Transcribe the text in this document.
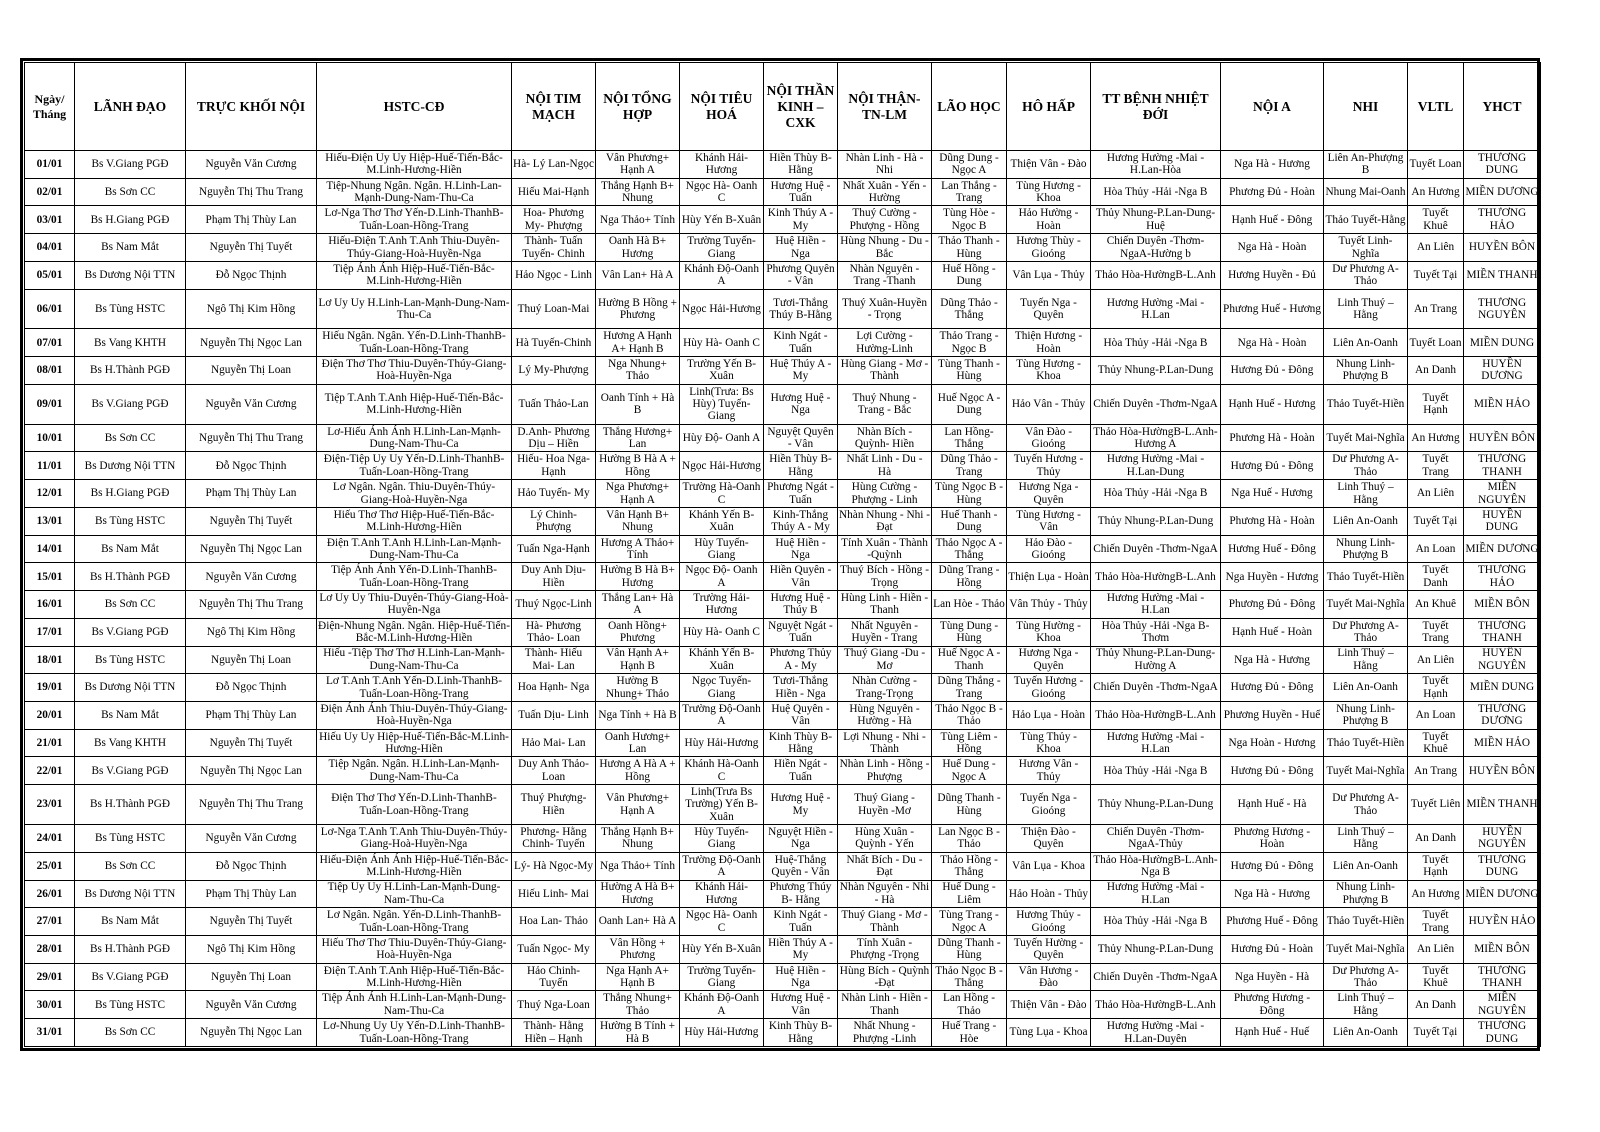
Ngày/ Tháng	LÃNH ĐẠO	TRỰC KHỐI NỘI	HSTC-CĐ	NỘI TIM MẠCH	NỘI TỔNG HỢP	NỘI TIÊU HOÁ	NỘI THẦN KINH – CXK	NỘI THẬN-TN-LM	LÃO HỌC	HÔ HẤP	TT BỆNH NHIỆT ĐỚI	NỘI A	NHI	VLTL	YHCT
01/01	Bs V.Giang PGĐ	Nguyễn Văn Cương	Hiếu-Điện Uy Uy Hiệp-Huế-Tiến-Bắc-M.Linh-Hương-Hiền	Hà- Lý Lan-Ngọc	Vân Phương+ Hạnh A	Khánh Hải-Hương	Hiền Thùy B-Hằng	Nhàn Linh - Hà - Nhi	Dũng Dung - Ngọc A	Thiện Vân - Đào	Hương Hường -Mai - H.Lan-Hòa	Nga Hà - Hương	Liên An-Phượng B	Tuyết Loan	THƯƠNG DUNG
02/01	Bs Sơn CC	Nguyễn Thị Thu Trang	Tiệp-Nhung Ngân. Ngân. H.Linh-Lan-Mạnh-Dung-Nam-Thu-Ca	Hiếu Mai-Hạnh	Thắng Hạnh B+ Nhung	Ngọc Hà- Oanh C	Hương Huệ - Tuấn	Nhất Xuân - Yến -Hường	Lan Thắng - Trang	Tùng Hương - Khoa	Hòa Thủy -Hải -Nga B	Phương Đủ - Hoàn	Nhung Mai-Oanh	An Hương	MIỀN DƯƠNG
03/01	Bs H.Giang PGĐ	Phạm Thị Thùy Lan	Lơ-Nga Thơ Thơ Yến-D.Linh-ThanhB-Tuấn-Loan-Hồng-Trang	Hoa- Phương My- Phượng	Nga Thảo+ Tính	Hùy Yến B-Xuân	Kinh Thúy A - My	Thuý Cường - Phượng - Hồng	Tùng Hòe - Ngọc B	Hảo Hường - Hoàn	Thủy Nhung-P.Lan-Dung-Huệ	Hạnh Huế - Đông	Thảo Tuyết-Hằng	Tuyết Khuê	THƯƠNG HẢO
04/01	Bs Nam Mắt	Nguyễn Thị Tuyết	Hiếu-Điện T.Anh T.Anh Thiu-Duyên-Thúy-Giang-Hoà-Huyền-Nga	Thành- Tuấn Tuyến- Chinh	Oanh Hà B+ Hương	Trường Tuyến-Giang	Huệ Hiền - Nga	Hùng Nhung - Du - Bắc	Thảo Thanh - Hùng	Hương Thùy - Gioóng	Chiến Duyên -Thơm-NgaA-Hường b	Nga Hà - Hoàn	Tuyết Linh-Nghĩa	An Liên	HUYỀN BÔN
05/01	Bs Dương Nội TTN	Đỗ Ngọc Thịnh	Tiệp Ánh Ánh Hiệp-Huế-Tiến-Bắc-M.Linh-Hương-Hiền	Hảo Ngọc - Linh	Vân Lan+ Hà A	Khánh Độ-Oanh A	Phương Quyên - Vân	Nhàn Nguyên - Trang -Thanh	Huế Hồng - Dung	Vân Lụa - Thủy	Thảo Hòa-HườngB-L.Anh	Hương Huyền - Đủ	Dư Phương A-Thảo	Tuyết Tại	MIỀN THANH
06/01	Bs Tùng HSTC	Ngô Thị Kim Hồng	Lơ Uy Uy H.Linh-Lan-Mạnh-Dung-Nam-Thu-Ca	Thuý Loan-Mai	Hường B Hồng + Phương	Ngọc Hải-Hương	Tươi-Thắng Thúy B-Hằng	Thuý Xuân-Huyền - Trọng	Dũng Thảo - Thắng	Tuyến Nga - Quyên	Hương Hường -Mai - H.Lan	Phương Huế - Hương	Linh Thuý – Hằng	An Trang	THƯƠNG NGUYÊN
07/01	Bs Vang KHTH	Nguyễn Thị Ngọc Lan	Hiếu Ngân. Ngân. Yến-D.Linh-ThanhB-Tuấn-Loan-Hồng-Trang	Hà Tuyến-Chinh	Hương A Hạnh A+ Hạnh B	Hùy Hà- Oanh C	Kinh Ngát - Tuấn	Lợi Cường - Hường-Linh	Thảo Trang - Ngọc B	Thiện Hương - Hoàn	Hòa Thủy -Hải -Nga B	Nga Hà - Hoàn	Liên An-Oanh	Tuyết Loan	MIỀN DUNG
08/01	Bs H.Thành PGĐ	Nguyễn Thị Loan	Điện Thơ Thơ Thiu-Duyên-Thúy-Giang-Hoà-Huyền-Nga	Lý My-Phượng	Nga Nhung+ Thảo	Trường Yến B-Xuân	Huệ Thúy A - My	Hùng Giang - Mơ - Thành	Tùng Thanh - Hùng	Tùng Hương - Khoa	Thủy Nhung-P.Lan-Dung	Hương Đủ - Đông	Nhung Linh-Phượng B	An Danh	HUYỀN DƯƠNG
09/01	Bs V.Giang PGĐ	Nguyễn Văn Cương	Tiệp T.Anh T.Anh Hiệp-Huế-Tiến-Bắc-M.Linh-Hương-Hiền	Tuấn Thảo-Lan	Oanh Tính + Hà B	Linh(Trưa: Bs Hùy) Tuyến-Giang	Hương Huệ - Nga	Thuý Nhung - Trang - Bắc	Huế Ngọc A - Dung	Hảo Vân - Thủy	Chiến Duyên -Thơm-NgaA	Hạnh Huế - Hương	Thảo Tuyết-Hiền	Tuyết Hạnh	MIỀN HẢO
10/01	Bs Sơn CC	Nguyễn Thị Thu Trang	Lơ-Hiếu Ánh Ánh H.Linh-Lan-Mạnh-Dung-Nam-Thu-Ca	D.Anh- Phương Dịu – Hiền	Thắng Hương+ Lan	Hùy Độ- Oanh A	Nguyệt Quyên - Vân	Nhàn Bích - Quỳnh- Hiền	Lan Hồng- Thắng	Vân Đào - Gioóng	Thảo Hòa-HườngB-L.Anh-Hương A	Phương Hà - Hoàn	Tuyết Mai-Nghĩa	An Hương	HUYỀN BÔN
11/01	Bs Dương Nội TTN	Đỗ Ngọc Thịnh	Điện-Tiệp Uy Uy Yến-D.Linh-ThanhB-Tuấn-Loan-Hồng-Trang	Hiếu- Hoa Nga-Hạnh	Hường B Hà A + Hồng	Ngọc Hải-Hương	Hiền Thùy B-Hằng	Nhất Linh - Du - Hà	Dũng Thảo - Trang	Tuyến Hương - Thủy	Hương Hường -Mai - H.Lan-Dung	Hương Đủ - Đông	Dư Phương A-Thảo	Tuyết Trang	THƯƠNG THANH
12/01	Bs H.Giang PGĐ	Phạm Thị Thùy Lan	Lơ Ngân. Ngân. Thiu-Duyên-Thúy-Giang-Hoà-Huyền-Nga	Hảo Tuyến- My	Nga Phương+ Hạnh A	Trường Hà-Oanh C	Phương Ngát - Tuấn	Hùng Cường - Phượng - Linh	Tùng Ngọc B - Hùng	Hương Nga - Quyên	Hòa Thủy -Hải -Nga B	Nga Huế - Hương	Linh Thuý – Hằng	An Liên	MIỀN NGUYÊN
13/01	Bs Tùng HSTC	Nguyễn Thị Tuyết	Hiếu Thơ Thơ Hiệp-Huế-Tiến-Bắc-M.Linh-Hương-Hiền	Lý Chinh-Phượng	Vân Hạnh B+ Nhung	Khánh Yến B-Xuân	Kinh-Thắng Thúy A - My	Nhàn Nhung - Nhi - Đạt	Huế Thanh - Dung	Tùng Hương - Vân	Thủy Nhung-P.Lan-Dung	Phương Hà - Hoàn	Liên An-Oanh	Tuyết Tại	HUYỀN DUNG
14/01	Bs Nam Mắt	Nguyễn Thị Ngọc Lan	Điện T.Anh T.Anh H.Linh-Lan-Mạnh-Dung-Nam-Thu-Ca	Tuấn Nga-Hạnh	Hương A Thảo+ Tính	Hùy Tuyến-Giang	Huệ Hiền - Nga	Tính Xuân - Thành -Quỳnh	Thảo Ngọc A - Thắng	Hảo Đào - Gioóng	Chiến Duyên -Thơm-NgaA	Hương Huế - Đông	Nhung Linh-Phượng B	An Loan	MIỀN DƯƠNG
15/01	Bs H.Thành PGĐ	Nguyễn Văn Cương	Tiệp Ánh Ánh Yến-D.Linh-ThanhB-Tuấn-Loan-Hồng-Trang	Duy Anh Dịu-Hiền	Hường B Hà B+ Hương	Ngọc Độ- Oanh A	Hiền Quyên - Vân	Thuý Bích - Hồng -Trọng	Dũng Trang - Hồng	Thiện Lụa - Hoàn	Thảo Hòa-HườngB-L.Anh	Nga Huyền - Hương	Thảo Tuyết-Hiền	Tuyết Danh	THƯƠNG HẢO
16/01	Bs Sơn CC	Nguyễn Thị Thu Trang	Lơ Uy Uy Thiu-Duyên-Thúy-Giang-Hoà-Huyền-Nga	Thuý Ngọc-Linh	Thắng Lan+ Hà A	Trường Hải-Hương	Hương Huệ - Thúy B	Hùng Linh - Hiền -Thanh	Lan Hòe - Thảo	Vân Thủy - Thủy	Hương Hường -Mai - H.Lan	Phương Đủ - Đông	Tuyết Mai-Nghĩa	An Khuê	MIỀN BÔN
17/01	Bs V.Giang PGĐ	Ngô Thị Kim Hồng	Điện-Nhung Ngân. Ngân. Hiệp-Huế-Tiến-Bắc-M.Linh-Hương-Hiền	Hà- Phương Thảo- Loan	Oanh Hồng+ Phương	Hùy Hà- Oanh C	Nguyệt Ngát - Tuấn	Nhất Nguyên - Huyền - Trang	Tùng Dung - Hùng	Tùng Hường - Khoa	Hòa Thủy -Hải -Nga B-Thơm	Hạnh Huế - Hoàn	Dư Phương A-Thảo	Tuyết Trang	THƯƠNG THANH
18/01	Bs Tùng HSTC	Nguyễn Thị Loan	Hiếu -Tiệp Thơ Thơ H.Linh-Lan-Mạnh-Dung-Nam-Thu-Ca	Thành- Hiếu Mai- Lan	Vân Hạnh A+ Hạnh B	Khánh Yến B-Xuân	Phương Thủy A - My	Thuý Giang -Du - Mơ	Huế Ngọc A - Thanh	Hương Nga - Quyên	Thủy Nhung-P.Lan-Dung- Hường A	Nga Hà - Hương	Linh Thuý – Hằng	An Liên	HUYỀN NGUYÊN
19/01	Bs Dương Nội TTN	Đỗ Ngọc Thịnh	Lơ T.Anh T.Anh Yến-D.Linh-ThanhB-Tuấn-Loan-Hồng-Trang	Hoa Hạnh- Nga	Hường B Nhung+ Thảo	Ngọc Tuyến-Giang	Tươi-Thắng Hiền - Nga	Nhàn Cường - Trang-Trọng	Dũng Thắng - Trang	Tuyến Hương - Gioóng	Chiến Duyên -Thơm-NgaA	Hương Đủ - Đông	Liên An-Oanh	Tuyết Hạnh	MIỀN DUNG
20/01	Bs Nam Mắt	Phạm Thị Thùy Lan	Điện Ánh Ánh Thiu-Duyên-Thúy-Giang-Hoà-Huyền-Nga	Tuấn Dịu- Linh	Nga Tính + Hà B	Trường Độ-Oanh A	Huệ Quyên - Vân	Hùng Nguyên - Hường - Hà	Thảo Ngọc B - Thảo	Hảo Lụa - Hoàn	Thảo Hòa-HườngB-L.Anh	Phương Huyền - Huế	Nhung Linh-Phượng B	An Loan	THƯƠNG DƯƠNG
21/01	Bs Vang KHTH	Nguyễn Thị Tuyết	Hiếu Uy Uy Hiệp-Huế-Tiến-Bắc-M.Linh-Hương-Hiền	Hảo Mai- Lan	Oanh Hương+ Lan	Hùy Hải-Hương	Kinh Thùy B-Hằng	Lợi Nhung - Nhi - Thành	Tùng Liêm - Hồng	Tùng Thủy - Khoa	Hương Hường -Mai - H.Lan	Nga Hoàn - Hương	Thảo Tuyết-Hiền	Tuyết Khuê	MIỀN HẢO
22/01	Bs V.Giang PGĐ	Nguyễn Thị Ngọc Lan	Tiệp Ngân. Ngân. H.Linh-Lan-Mạnh-Dung-Nam-Thu-Ca	Duy Anh Thảo-Loan	Hương A Hà A + Hồng	Khánh Hà-Oanh C	Hiền Ngát - Tuấn	Nhàn Linh - Hồng - Phượng	Huế Dung - Ngọc A	Hương Vân - Thủy	Hòa Thủy -Hải -Nga B	Hương Đủ - Đông	Tuyết Mai-Nghĩa	An Trang	HUYỀN BÔN
23/01	Bs H.Thành PGĐ	Nguyễn Thị Thu Trang	Điện Thơ Thơ Yến-D.Linh-ThanhB-Tuấn-Loan-Hồng-Trang	Thuý Phượng-Hiền	Vân Phương+ Hạnh A	Linh(Trưa Bs Trường) Yến B- Xuân	Hương Huệ - My	Thuý Giang - Huyền -Mơ	Dũng Thanh - Hùng	Tuyến Nga - Gioóng	Thủy Nhung-P.Lan-Dung	Hạnh Huế - Hà	Dư Phương A-Thảo	Tuyết Liên	MIỀN THANH
24/01	Bs Tùng HSTC	Nguyễn Văn Cương	Lơ-Nga T.Anh T.Anh Thiu-Duyên-Thúy-Giang-Hoà-Huyền-Nga	Phương- Hằng Chinh- Tuyến	Thắng Hạnh B+ Nhung	Hùy Tuyến-Giang	Nguyệt Hiền - Nga	Hùng Xuân - Quỳnh - Yến	Lan Ngọc B - Thảo	Thiện Đào - Quyên	Chiến Duyên -Thơm-NgaA-Thủy	Phương Hương - Hoàn	Linh Thuý – Hằng	An Danh	HUYỀN NGUYÊN
25/01	Bs Sơn CC	Đỗ Ngọc Thịnh	Hiếu-Điện Ánh Ánh Hiệp-Huế-Tiến-Bắc-M.Linh-Hương-Hiền	Lý- Hà Ngọc-My	Nga Thảo+ Tính	Trường Độ-Oanh A	Huệ-Thắng Quyên - Vân	Nhất Bích - Du - Đạt	Thảo Hồng - Thắng	Vân Lụa - Khoa	Thảo Hòa-HườngB-L.Anh-Nga B	Hương Đủ - Đông	Liên An-Oanh	Tuyết Hạnh	THƯƠNG DUNG
26/01	Bs Dương Nội TTN	Phạm Thị Thùy Lan	Tiệp Uy Uy H.Linh-Lan-Mạnh-Dung-Nam-Thu-Ca	Hiếu Linh- Mai	Hường A Hà B+ Hương	Khánh Hải-Hương	Phương Thúy B- Hằng	Nhàn Nguyên - Nhi - Hà	Huế Dung - Liêm	Hảo Hoàn - Thủy	Hương Hường -Mai - H.Lan	Nga Hà - Hương	Nhung Linh-Phượng B	An Hương	MIỀN DƯƠNG
27/01	Bs Nam Mắt	Nguyễn Thị Tuyết	Lơ Ngân. Ngân. Yến-D.Linh-ThanhB-Tuấn-Loan-Hồng-Trang	Hoa Lan- Thảo	Oanh Lan+ Hà A	Ngọc Hà- Oanh C	Kinh Ngát - Tuấn	Thuý Giang - Mơ - Thành	Tùng Trang - Ngọc A	Hương Thủy - Gioóng	Hòa Thủy -Hải -Nga B	Phương Huế - Đông	Thảo Tuyết-Hiền	Tuyết Trang	HUYỀN HẢO
28/01	Bs H.Thành PGĐ	Ngô Thị Kim Hồng	Hiếu Thơ Thơ Thiu-Duyên-Thúy-Giang-Hoà-Huyền-Nga	Tuấn Ngọc- My	Vân Hồng + Phương	Hùy Yến B-Xuân	Hiền Thúy A - My	Tính Xuân - Phượng -Trọng	Dũng Thanh - Hùng	Tuyến Hường - Quyên	Thủy Nhung-P.Lan-Dung	Hương Đủ - Hoàn	Tuyết Mai-Nghĩa	An Liên	MIỀN BÔN
29/01	Bs V.Giang PGĐ	Nguyễn Thị Loan	Điện T.Anh T.Anh Hiệp-Huế-Tiến-Bắc-M.Linh-Hương-Hiền	Hảo Chinh-Tuyến	Nga Hạnh A+ Hạnh B	Trường Tuyến-Giang	Huệ Hiền - Nga	Hùng Bích - Quỳnh -Đạt	Thảo Ngọc B - Thắng	Vân Hương - Đào	Chiến Duyên -Thơm-NgaA	Nga Huyền - Hà	Dư Phương A-Thảo	Tuyết Khuê	THƯƠNG THANH
30/01	Bs Tùng HSTC	Nguyễn Văn Cương	Tiệp Ánh Ánh H.Linh-Lan-Mạnh-Dung-Nam-Thu-Ca	Thuý Nga-Loan	Thắng Nhung+ Thảo	Khánh Độ-Oanh A	Hương Huệ - Vân	Nhàn Linh - Hiền -Thanh	Lan Hồng - Thảo	Thiện Vân - Đào	Thảo Hòa-HườngB-L.Anh	Phương Hương - Đông	Linh Thuý – Hằng	An Danh	MIỀN NGUYÊN
31/01	Bs Sơn CC	Nguyễn Thị Ngọc Lan	Lơ-Nhung Uy Uy Yến-D.Linh-ThanhB-Tuấn-Loan-Hồng-Trang	Thành- Hằng Hiền – Hạnh	Hường B Tính + Hà B	Hùy Hải-Hương	Kinh Thùy B-Hằng	Nhất Nhung - Phượng -Linh	Huế Trang - Hòe	Tùng Lụa - Khoa	Hương Hường -Mai - H.Lan-Duyên	Hạnh Huế - Huế	Liên An-Oanh	Tuyết Tại	THƯƠNG DUNG
